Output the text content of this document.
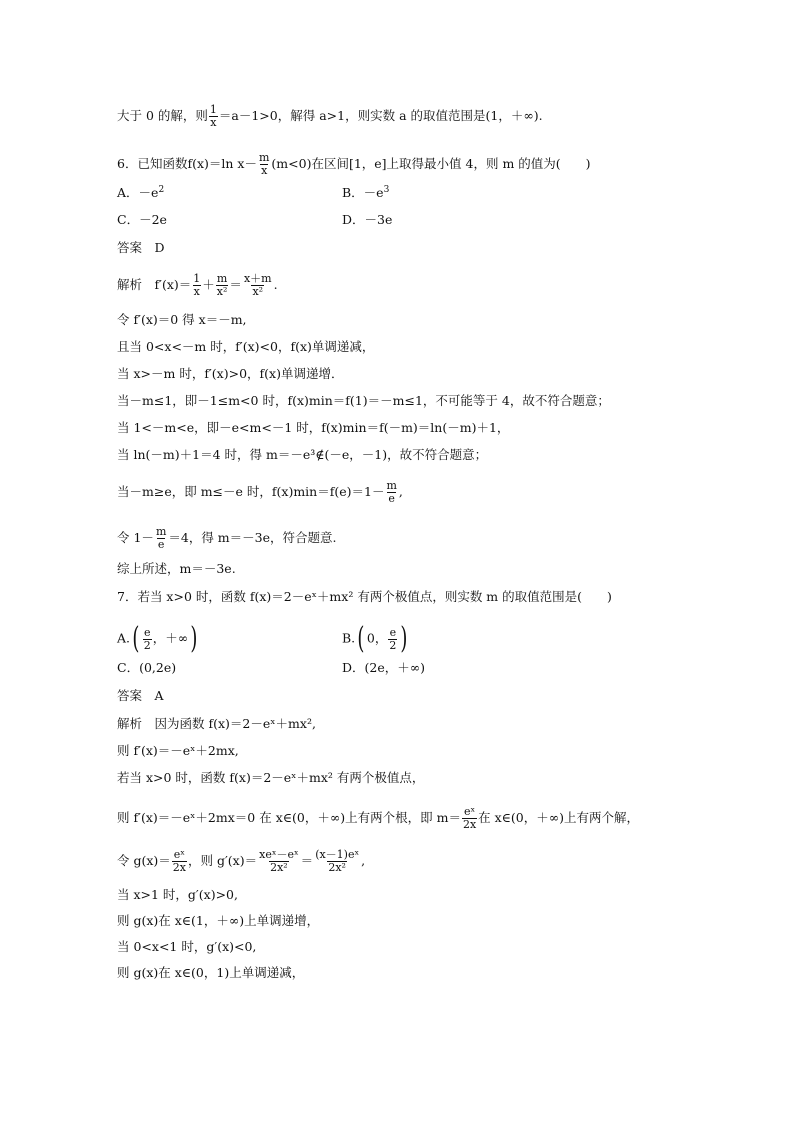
大于 0 的解，则 $\frac{1}{x} =a-1>0$，解得 a>1，则实数 a 的取值范围是(1，＋∞).
6．已知函数f(x)＝ln $x- \frac{m}{x} (m<0)$在区间[1，e]上取得最小值 4，则 m 的值为(　　)
A．$-e^2$	B．$-e^3$
C．－2e	D．－3e
答案　D
解析　$f'(x)= \frac{1}{x} + \frac{m}{\text{x²}} = \frac{x+m}{\text{x²}}$ .
令 f′(x)＝0 得 x＝－m,
且当 0<x<－m 时，f′(x)<0，f(x)单调递减，
当 x>－m 时，f′(x)>0，f(x)单调递增．
当－m≤1，即－1≤m<0 时，f(x)min＝f(1)＝－m≤1，不可能等于 4，故不符合题意；
当 1<－m<e，即－e<m<－1 时，f(x)min＝f(－m)＝ln(－m)＋1，
当 ln(－m)＋1＝4 时，得 m＝－e³∉(－e，－1)，故不符合题意；
当－m≥e，即 m≤－e 时，$f(x)\min=f(e)=1- \frac{m}{e}$ ,
令 $1- \frac{m}{e} =4$，得 m＝－3e，符合题意.
综上所述，m＝－3e.
7．若当 x>0 时，函数 f(x)＝2－eˣ＋mx² 有两个极值点，则实数 m 的取值范围是(　　)
$A.( \frac{e}{2}$ ，＋∞)	B.( 0， $\frac{e}{2}$ )
C．(0,2e)	D．(2e，＋∞)
答案　A
解析　因为函数 f(x)＝2－eˣ＋mx²,
则 f′(x)＝－eˣ＋2mx,
若当 x>0 时，函数 f(x)＝2－eˣ＋mx² 有两个极值点，
则 f′(x)＝－eˣ＋2mx＝0 在 x∈(0，＋∞)上有两个根，即 $m= \frac{\text{eˣ}}{2x}$ 在 x∈(0，＋∞)上有两个解，
令 $g(x)= \frac{\text{eˣ}}{2x}$ ，则 $g'(x)= \frac{\text{xeˣ－eˣ}}{\text{2x²}} = \frac{\text{(x－1)eˣ}}{\text{2x²}}$ ,
当 x>1 时，g′(x)>0,
则 g(x)在 x∈(1，＋∞)上单调递增，
当 0<x<1 时，g′(x)<0,
则 g(x)在 x∈(0，1)上单调递减，
